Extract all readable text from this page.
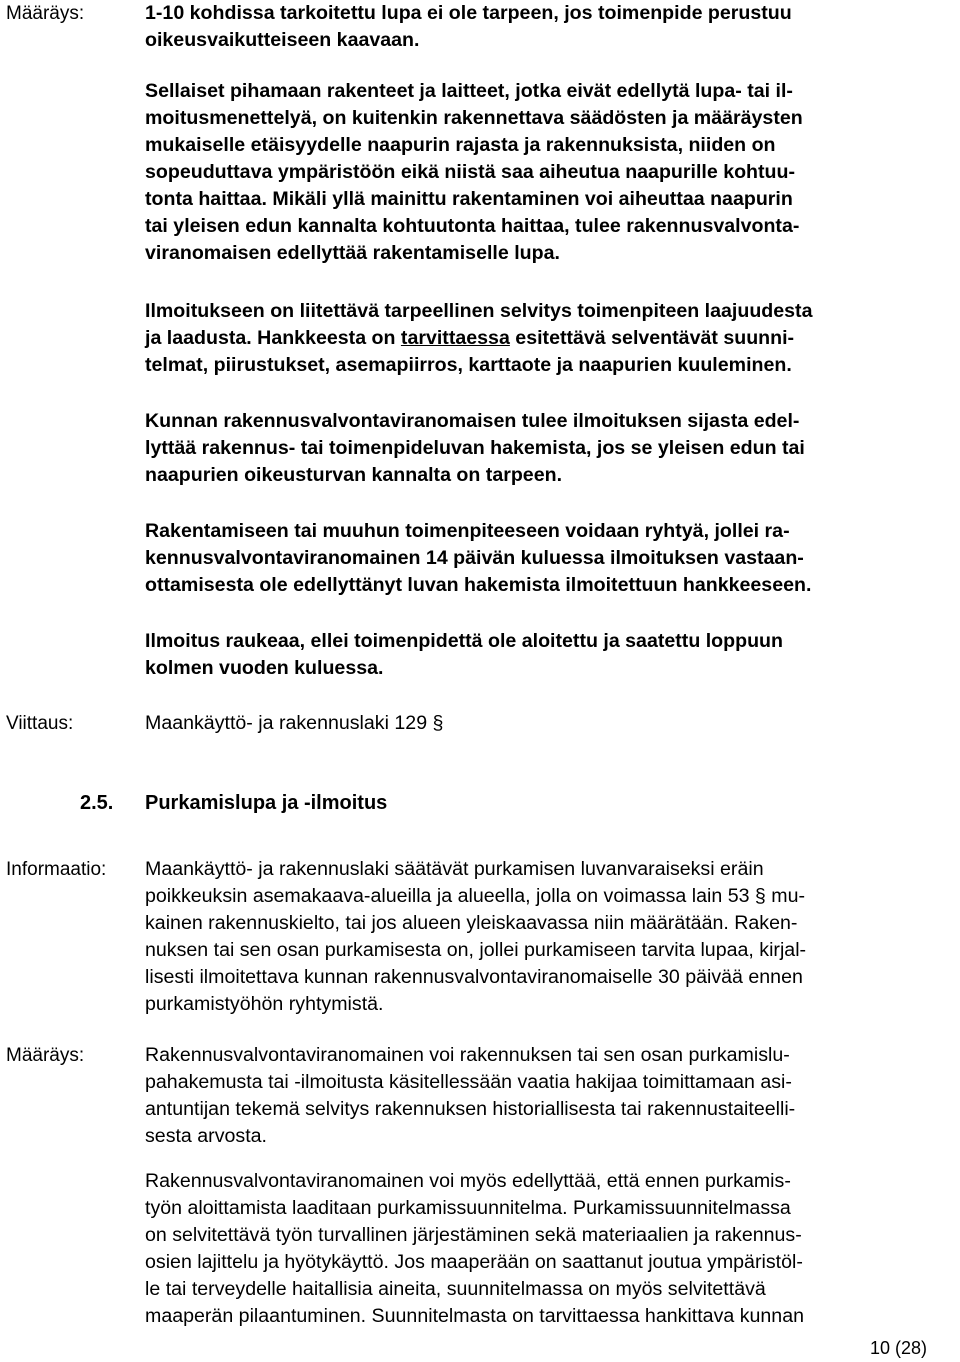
Määräys:	1-10 kohdissa tarkoitettu lupa ei ole tarpeen, jos toimenpide perustuu
oikeusvaikutteiseen kaavaan.
Sellaiset pihamaan rakenteet ja laitteet, jotka eivät edellytä lupa- tai il-
moitusmenettelyä, on kuitenkin rakennettava säädösten ja määräysten
mukaiselle etäisyydelle naapurin rajasta ja rakennuksista, niiden on
sopeuduttava ympäristöön eikä niistä saa aiheutua naapurille kohtuu-
tonta haittaa. Mikäli yllä mainittu rakentaminen voi aiheuttaa naapurin
tai yleisen edun kannalta kohtuutonta haittaa, tulee rakennusvalvonta-
viranomaisen edellyttää rakentamiselle lupa.
Ilmoitukseen on liitettävä tarpeellinen selvitys toimenpiteen laajuudesta
ja laadusta. Hankkeesta on tarvittaessa esitettävä selventävät suunni-
telmat, piirustukset, asemapiirros, karttaote ja naapurien kuuleminen.
Kunnan rakennusvalvontaviranomaisen tulee ilmoituksen sijasta edel-
lyttää rakennus- tai toimenpideluvan hakemista, jos se yleisen edun tai
naapurien oikeusturvan kannalta on tarpeen.
Rakentamiseen tai muuhun toimenpiteeseen voidaan ryhtyä, jollei ra-
kennusvalvontaviranomainen 14 päivän kuluessa ilmoituksen vastaan-
ottamisesta ole edellyttänyt luvan hakemista ilmoitettuun hankkeeseen.
Ilmoitus raukeaa, ellei toimenpidettä ole aloitettu ja saatettu loppuun
kolmen vuoden kuluessa.
Viittaus:	Maankäyttö- ja rakennuslaki 129 §
2.5. Purkamislupa ja -ilmoitus
Informaatio: Maankäyttö- ja rakennuslaki säätävät purkamisen luvanvaraiseksi eräin
poikkeuksin asemakaava-alueilla ja alueella, jolla on voimassa lain 53 § mu-
kainen rakennuskielto, tai jos alueen yleiskaavassa niin määrätään. Raken-
nuksen tai sen osan purkamisesta on, jollei purkamiseen tarvita lupaa, kirjal-
lisesti ilmoitettava kunnan rakennusvalvontaviranomaiselle 30 päivää ennen
purkamistyöhön ryhtymistä.
Määräys:	Rakennusvalvontaviranomainen voi rakennuksen tai sen osan purkamislu-
pahakemusta tai -ilmoitusta käsitellessään vaatia hakijaa toimittamaan asi-
antuntijan tekemä selvitys rakennuksen historiallisesta tai rakennustaiteelli-
sesta arvosta.
Rakennusvalvontaviranomainen voi myös edellyttää, että ennen purkamis-
työn aloittamista laaditaan purkamissuunnitelma. Purkamissuunnitelmassa
on selvitettävä työn turvallinen järjestäminen sekä materiaalien ja rakennus-
osien lajittelu ja hyötykäyttö. Jos maaperään on saattanut joutua ympäristöl-
le tai terveydelle haitallisia aineita, suunnitelmassa on myös selvitettävä
maaperän pilaantuminen. Suunnitelmasta on tarvittaessa hankittava kunnan
10 (28)
